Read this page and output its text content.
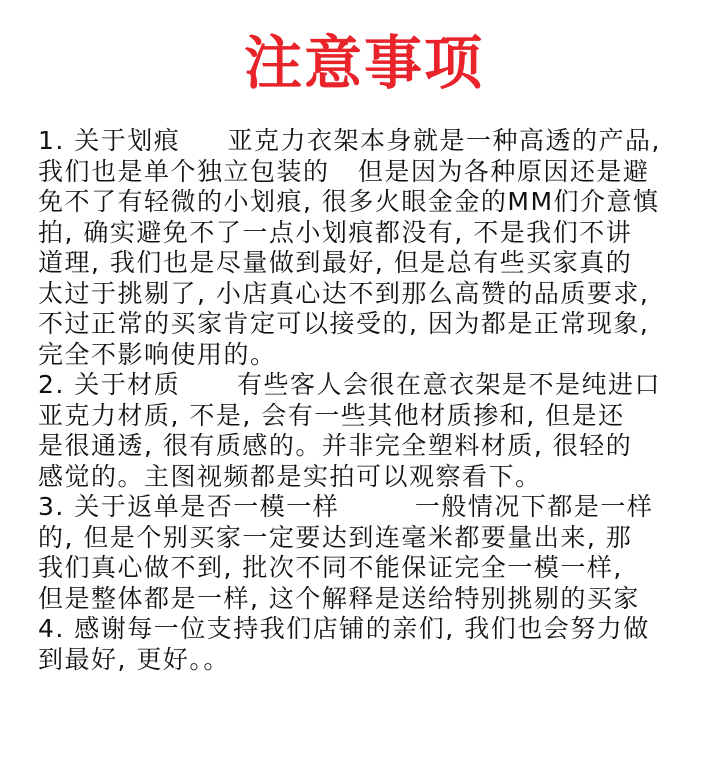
注意事项
1. 关于划痕     亚克力衣架本身就是一种高透的产品,
我们也是单个独立包装的   但是因为各种原因还是避
免不了有轻微的小划痕, 很多火眼金金的MM们介意慎
拍, 确实避免不了一点小划痕都没有, 不是我们不讲
道理, 我们也是尽量做到最好, 但是总有些买家真的
太过于挑剔了, 小店真心达不到那么高赞的品质要求,
不过正常的买家肯定可以接受的, 因为都是正常现象,
完全不影响使用的。
2. 关于材质      有些客人会很在意衣架是不是纯进口
亚克力材质, 不是, 会有一些其他材质掺和, 但是还
是很通透, 很有质感的。并非完全塑料材质, 很轻的
感觉的。主图视频都是实拍可以观察看下。
3. 关于返单是否一模一样        一般情况下都是一样
的, 但是个别买家一定要达到连毫米都要量出来, 那
我们真心做不到, 批次不同不能保证完全一模一样,
但是整体都是一样, 这个解释是送给特别挑剔的买家
4. 感谢每一位支持我们店铺的亲们, 我们也会努力做
到最好, 更好。。
